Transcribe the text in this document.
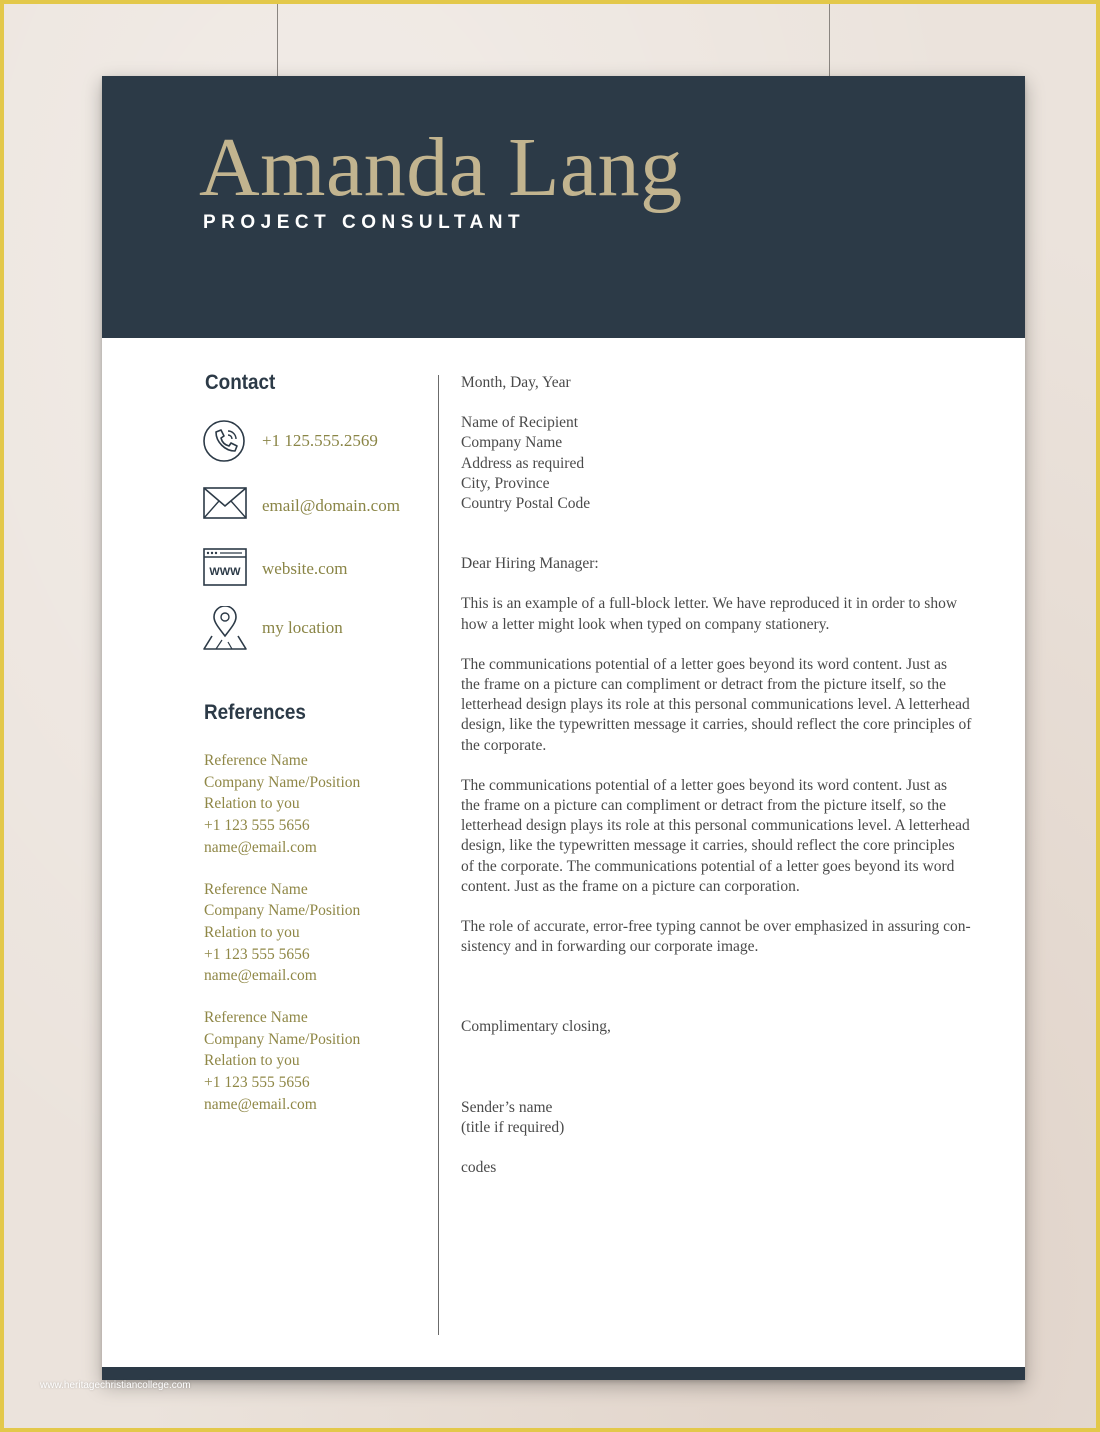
Amanda Lang
PROJECT CONSULTANT
Contact
+1 125.555.2569
email@domain.com
WWW website.com
my location
References
Reference Name
Company Name/Position
Relation to you
+1 123 555 5656
name@email.com
Reference Name
Company Name/Position
Relation to you
+1 123 555 5656
name@email.com
Reference Name
Company Name/Position
Relation to you
+1 123 555 5656
name@email.com

Month, Day, Year

Name of Recipient

Company Name

Address as required

City, Province

Country Postal Code

Dear Hiring Manager:

This is an example of a full-block letter. We have reproduced it in order to show
how a letter might look when typed on company stationery.

The communications potential of a letter goes beyond its word content. Just as
the frame on a picture can compliment or detract from the picture itself, so the
letterhead design plays its role at this personal communications level. A letterhead
design, like the typewritten message it carries, should reflect the core principles of
the corporate.

The communications potential of a letter goes beyond its word content. Just as
the frame on a picture can compliment or detract from the picture itself, so the
letterhead design plays its role at this personal communications level. A letterhead
design, like the typewritten message it carries, should reflect the core principles
of the corporate. The communications potential of a letter goes beyond its word
content. Just as the frame on a picture can corporation.

The role of accurate, error-free typing cannot be over emphasized in assuring con-
sistency and in forwarding our corporate image.

Complimentary closing,

Sender’s name

(title if required)

codes

www.heritagechristiancollege.com
